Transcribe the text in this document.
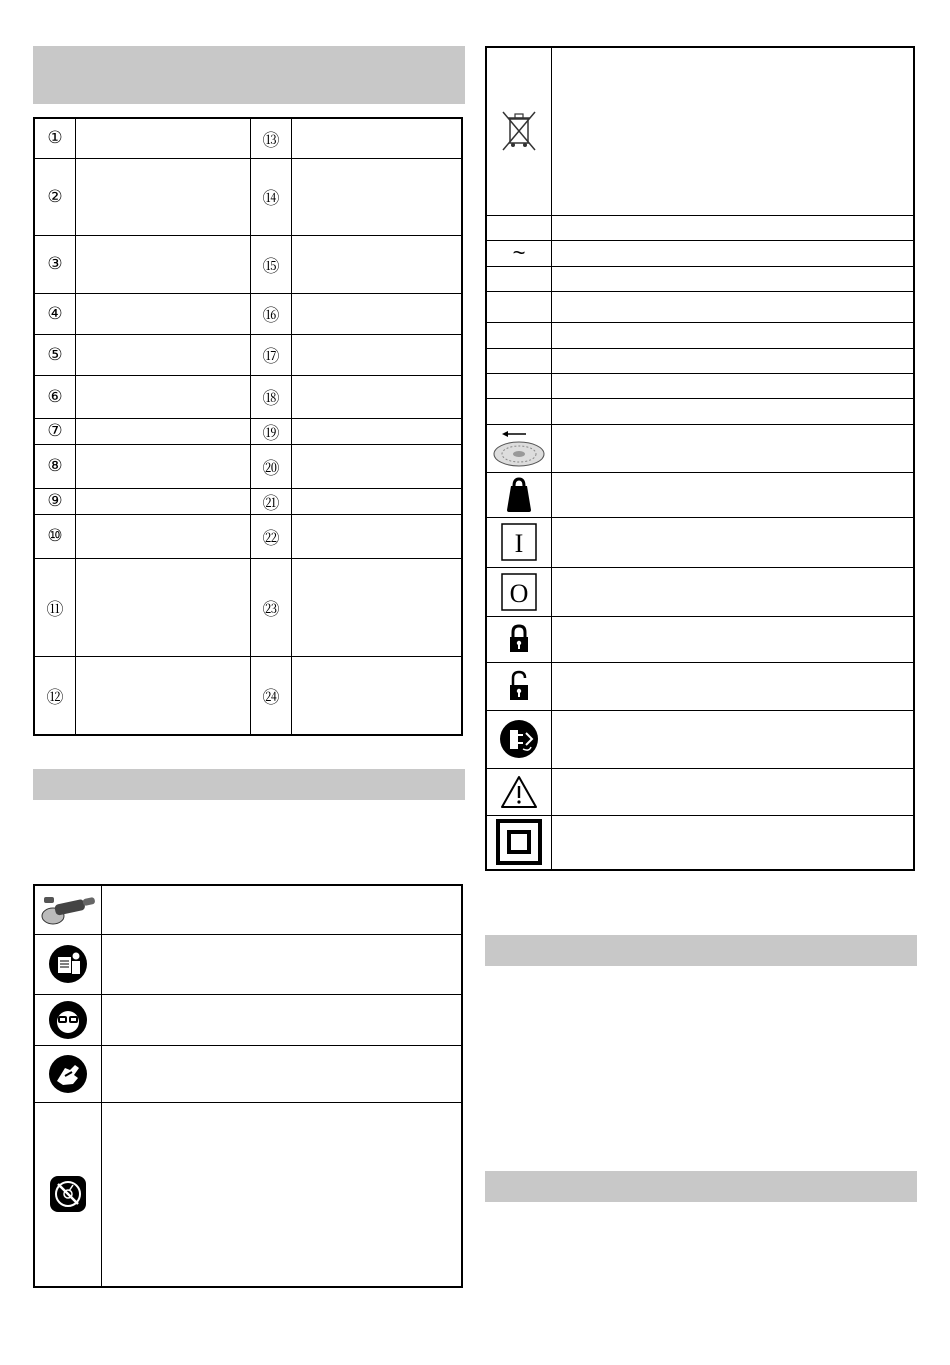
①		⑬	
②		⑭	
③		⑮	
④		⑯	
⑤		⑰	
⑥		⑱	
⑦		⑲	
⑧		⑳	
⑨		㉑	
⑩		㉒	
⑪		㉓	
⑫		㉔	

~	

I	

O	
